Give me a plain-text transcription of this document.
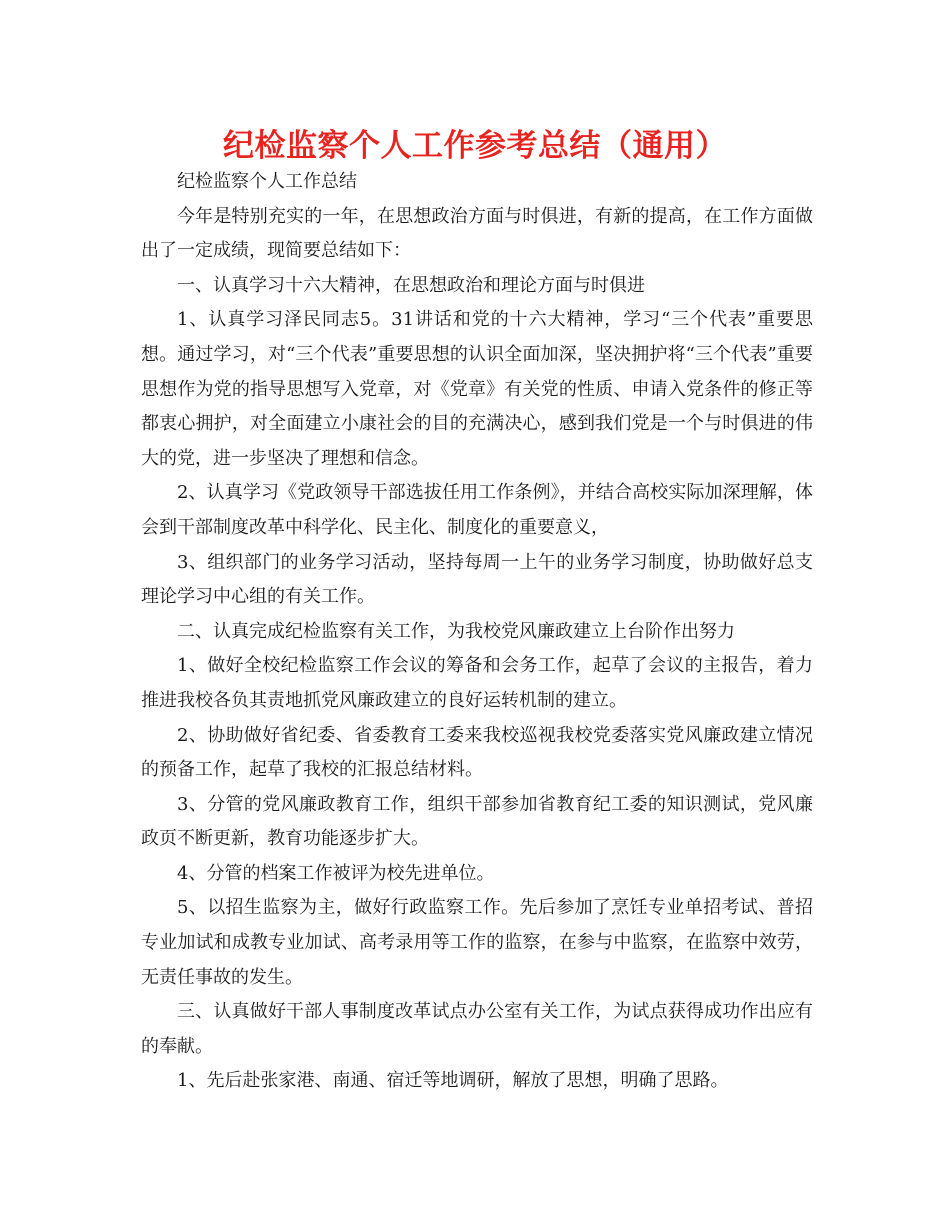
纪检监察个人工作参考总结（通用）

纪检监察个人工作总结

今年是特别充实的一年，在思想政治方面与时俱进，有新的提高，在工作方面做出了一定成绩，现简要总结如下：

一、认真学习十六大精神，在思想政治和理论方面与时俱进

1、认真学习泽民同志5。31讲话和党的十六大精神，学习“三个代表”重要思想。通过学习，对“三个代表”重要思想的认识全面加深，坚决拥护将“三个代表”重要思想作为党的指导思想写入党章，对《党章》有关党的性质、申请入党条件的修正等都衷心拥护，对全面建立小康社会的目的充满决心，感到我们党是一个与时俱进的伟大的党，进一步坚决了理想和信念。

2、认真学习《党政领导干部选拔任用工作条例》，并结合高校实际加深理解，体会到干部制度改革中科学化、民主化、制度化的重要意义，

3、组织部门的业务学习活动，坚持每周一上午的业务学习制度，协助做好总支理论学习中心组的有关工作。

二、认真完成纪检监察有关工作，为我校党风廉政建立上台阶作出努力

1、做好全校纪检监察工作会议的筹备和会务工作，起草了会议的主报告，着力推进我校各负其责地抓党风廉政建立的良好运转机制的建立。

2、协助做好省纪委、省委教育工委来我校巡视我校党委落实党风廉政建立情况的预备工作，起草了我校的汇报总结材料。

3、分管的党风廉政教育工作，组织干部参加省教育纪工委的知识测试，党风廉政页不断更新，教育功能逐步扩大。

4、分管的档案工作被评为校先进单位。

5、以招生监察为主，做好行政监察工作。先后参加了烹饪专业单招考试、普招专业加试和成教专业加试、高考录用等工作的监察，在参与中监察，在监察中效劳，无责任事故的发生。

三、认真做好干部人事制度改革试点办公室有关工作，为试点获得成功作出应有的奉献。

1、先后赴张家港、南通、宿迁等地调研，解放了思想，明确了思路。
